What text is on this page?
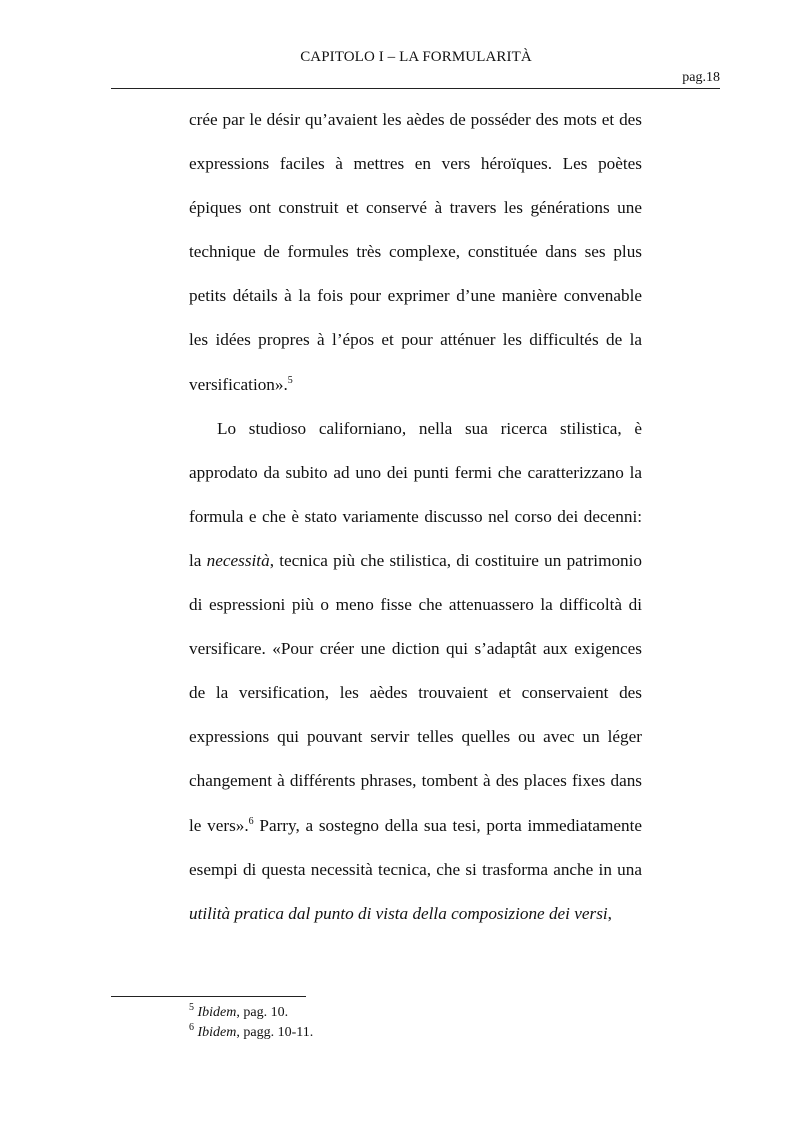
CAPITOLO I – LA FORMULARITÀ
pag.18

crée par le désir qu’avaient les aèdes de posséder des mots et des expressions faciles à mettres en vers héroïques. Les poètes épiques ont construit et conservé à travers les générations une technique de formules très complexe, constituée dans ses plus petits détails à la fois pour exprimer d’une manière convenable les idées propres à l’épos et pour atténuer les difficultés de la versification».$^5$

Lo studioso californiano, nella sua ricerca stilistica, è approdato da subito ad uno dei punti fermi che caratterizzano la formula e che è stato variamente discusso nel corso dei decenni: la necessità, tecnica più che stilistica, di costituire un patrimonio di espressioni più o meno fisse che attenuassero la difficoltà di versificare. «Pour créer une diction qui s’adaptât aux exigences de la versification, les aèdes trouvaient et conservaient des expressions qui pouvant servir telles quelles ou avec un léger changement à différents phrases, tombent à des places fixes dans le vers».$^6$ Parry, a sostegno della sua tesi, porta immediatamente esempi di questa necessità tecnica, che si trasforma anche in una utilità pratica dal punto di vista della composizione dei versi,

$^5$ Ibidem, pag. 10.
$^6$ Ibidem, pagg. 10-11.
